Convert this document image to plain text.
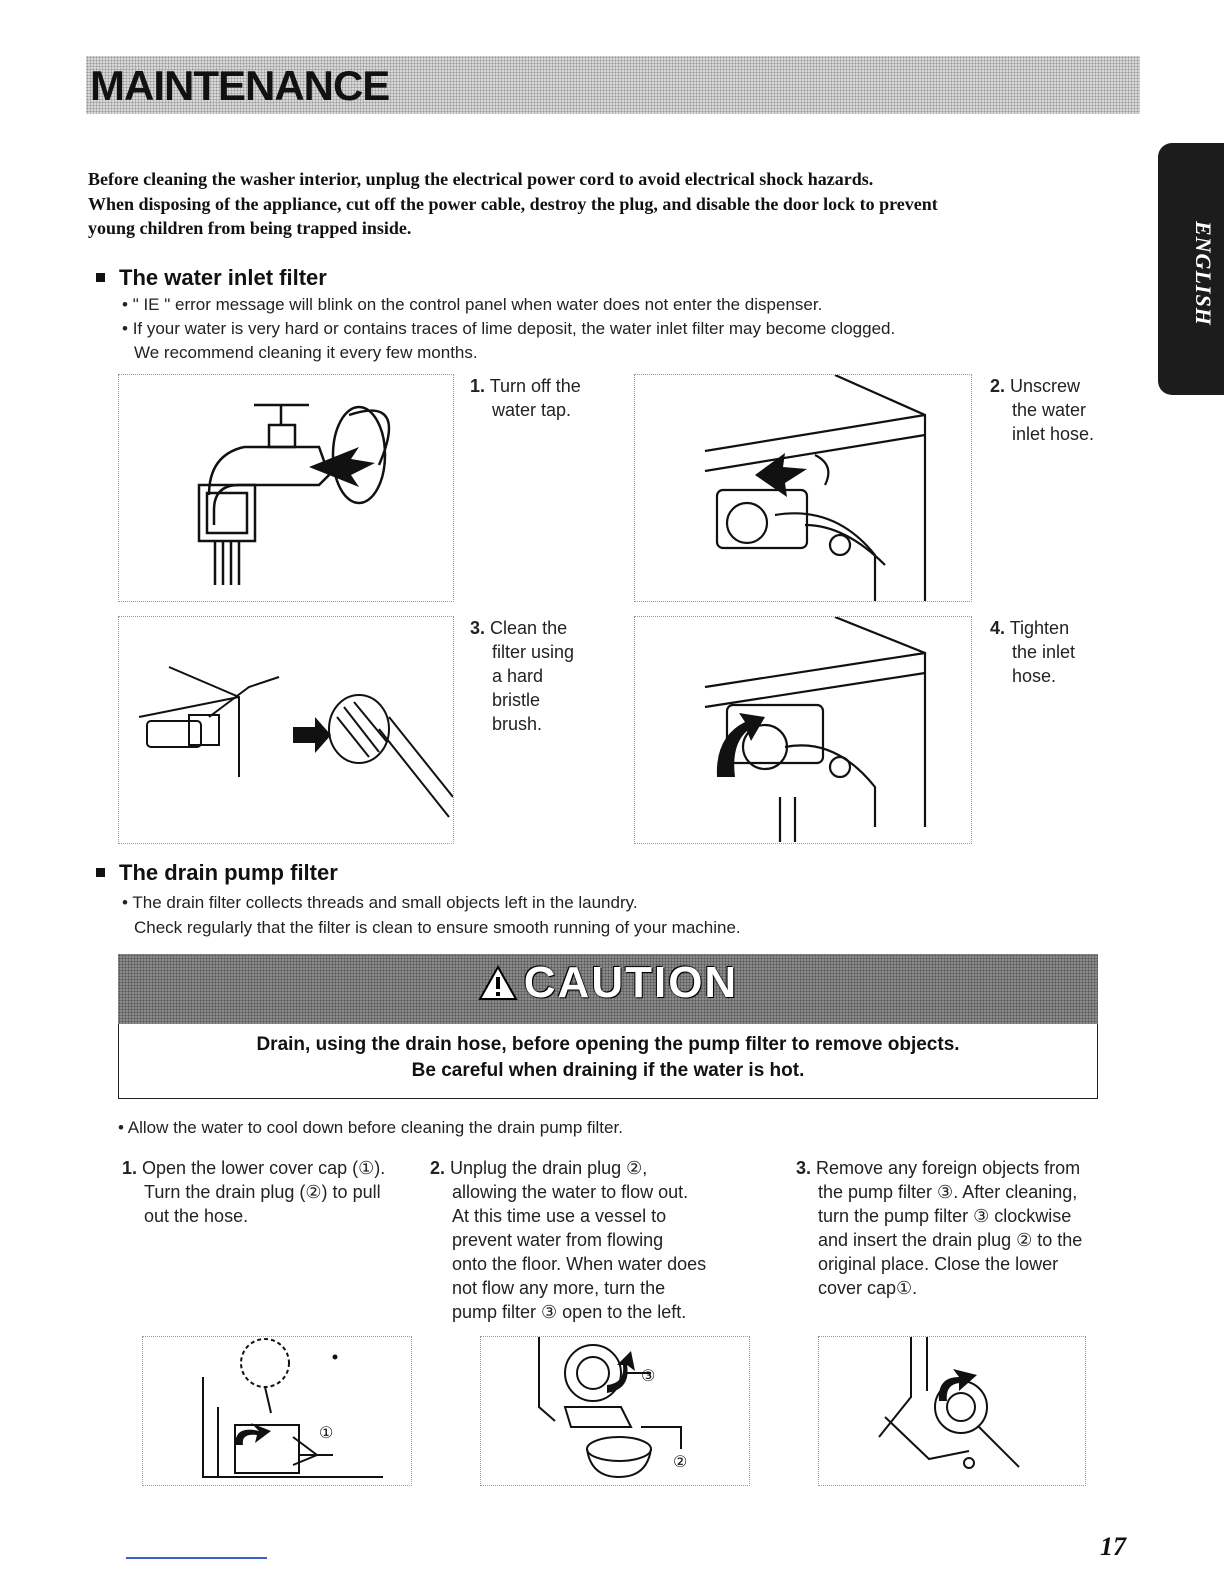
MAINTENANCE
ENGLISH
Before cleaning the washer interior, unplug the electrical power cord to avoid electrical shock hazards.
When disposing of the appliance, cut off the power cable, destroy the plug, and disable the door lock to prevent
young children from being trapped inside.
The water inlet filter
• " IE " error message will blink on the control panel when water does not enter the dispenser.
• If your water is very hard or contains traces of lime deposit, the water inlet filter may become clogged.
We recommend cleaning it every few months.
1. Turn off the
water tap.
2. Unscrew
the water
inlet hose.
3. Clean the
filter using
a hard
bristle
brush.
4. Tighten
the inlet
hose.
The drain pump filter
• The drain filter collects threads and small objects left in the laundry.
Check regularly that the filter is clean to ensure smooth running of your machine.
CAUTION
Drain, using the drain hose, before opening the pump filter to remove objects.
Be careful when draining if the water is hot.
• Allow the water to cool down before cleaning the drain pump filter.
1. Open the lower cover cap (①).
Turn the drain plug (②) to pull
out the hose.
2. Unplug the drain plug ②,
allowing the water to flow out.
At this time use a vessel to
prevent water from flowing
onto the floor. When water does
not flow any more, turn the
pump filter ③ open to the left.
3. Remove any foreign objects from
the pump filter ③. After cleaning,
turn the pump filter ③ clockwise
and insert the drain plug ② to the
original place. Close the lower
cover cap①.
①
③
②
17
